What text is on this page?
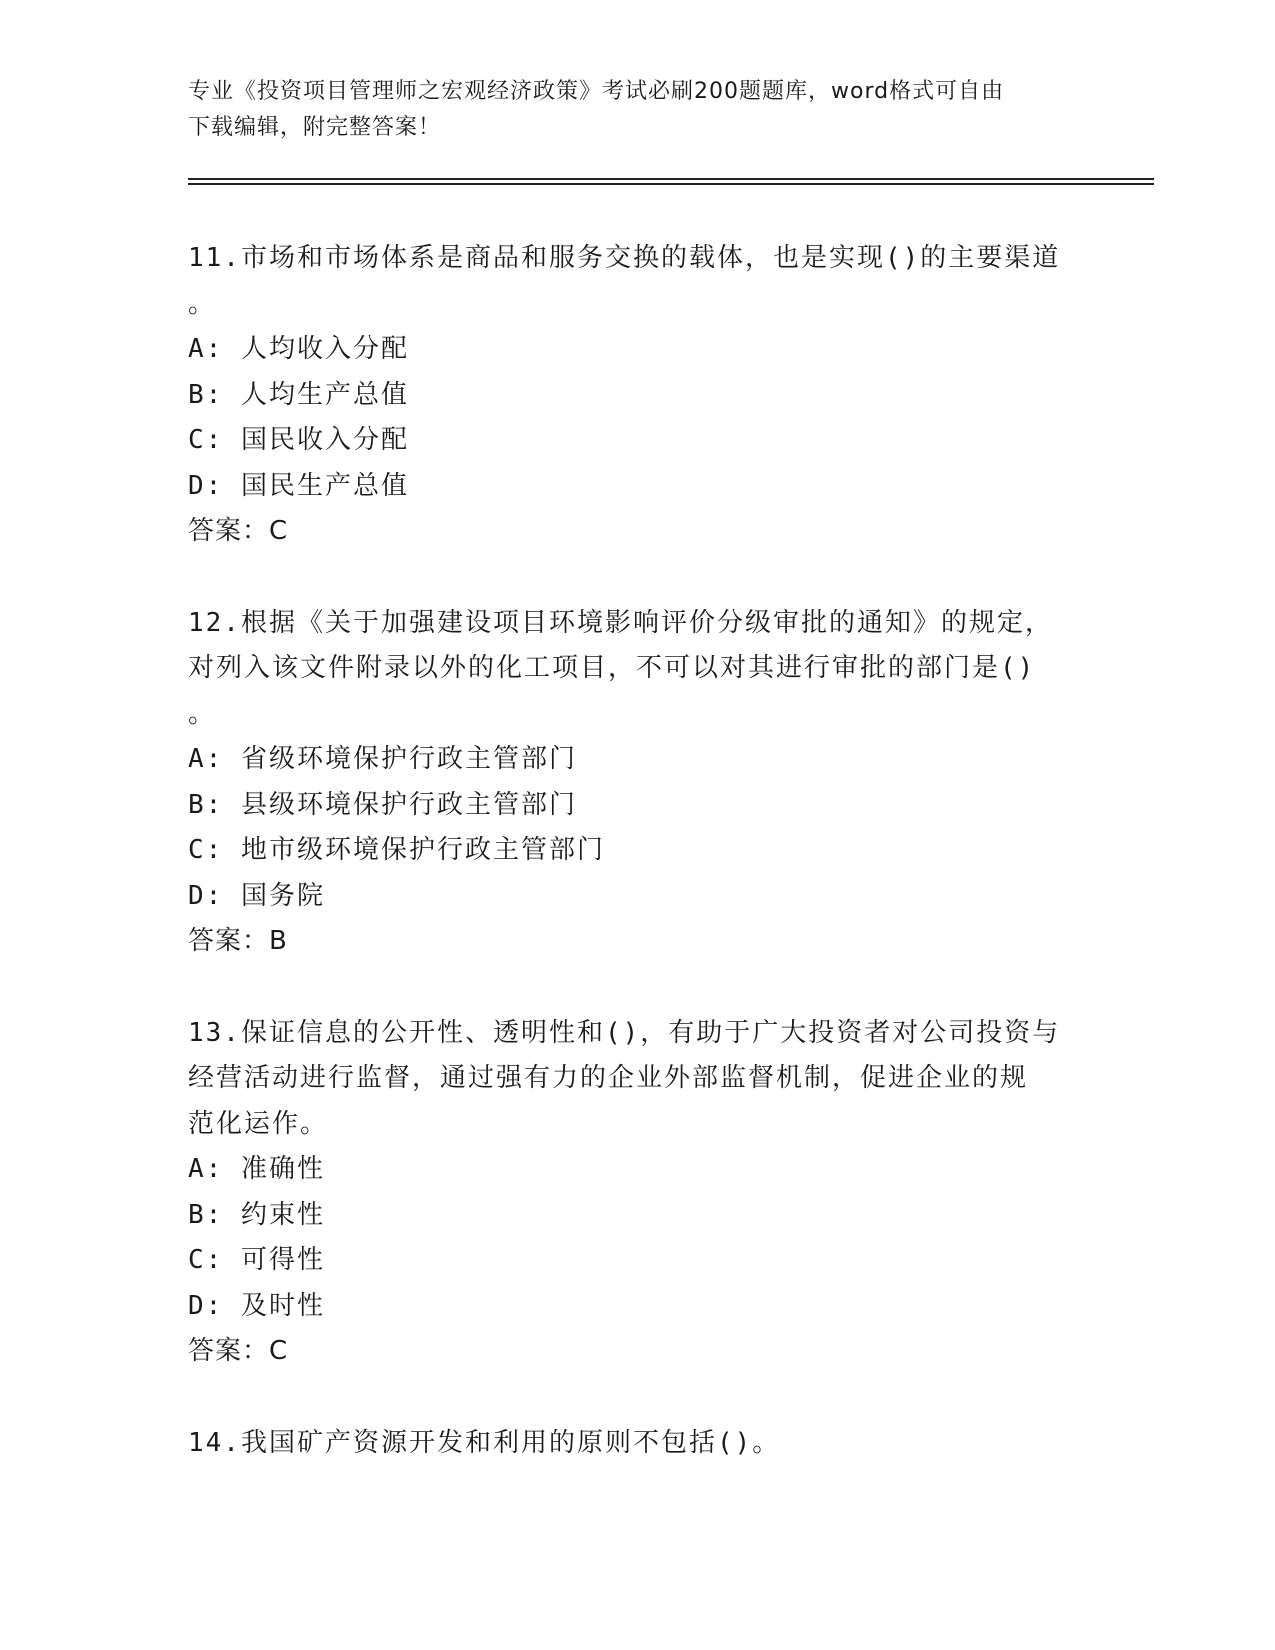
专业《投资项目管理师之宏观经济政策》考试必刷200题题库，word格式可自由
下载编辑，附完整答案！

11.市场和市场体系是商品和服务交换的载体，也是实现()的主要渠道

。

A: 人均收入分配

B: 人均生产总值

C: 国民收入分配

D: 国民生产总值

答案：C

12.根据《关于加强建设项目环境影响评价分级审批的通知》的规定，

对列入该文件附录以外的化工项目，不可以对其进行审批的部门是()

。

A: 省级环境保护行政主管部门

B: 县级环境保护行政主管部门

C: 地市级环境保护行政主管部门

D: 国务院

答案：B

13.保证信息的公开性、透明性和()，有助于广大投资者对公司投资与

经营活动进行监督，通过强有力的企业外部监督机制，促进企业的规

范化运作。

A: 准确性

B: 约束性

C: 可得性

D: 及时性

答案：C

14.我国矿产资源开发和利用的原则不包括()。
